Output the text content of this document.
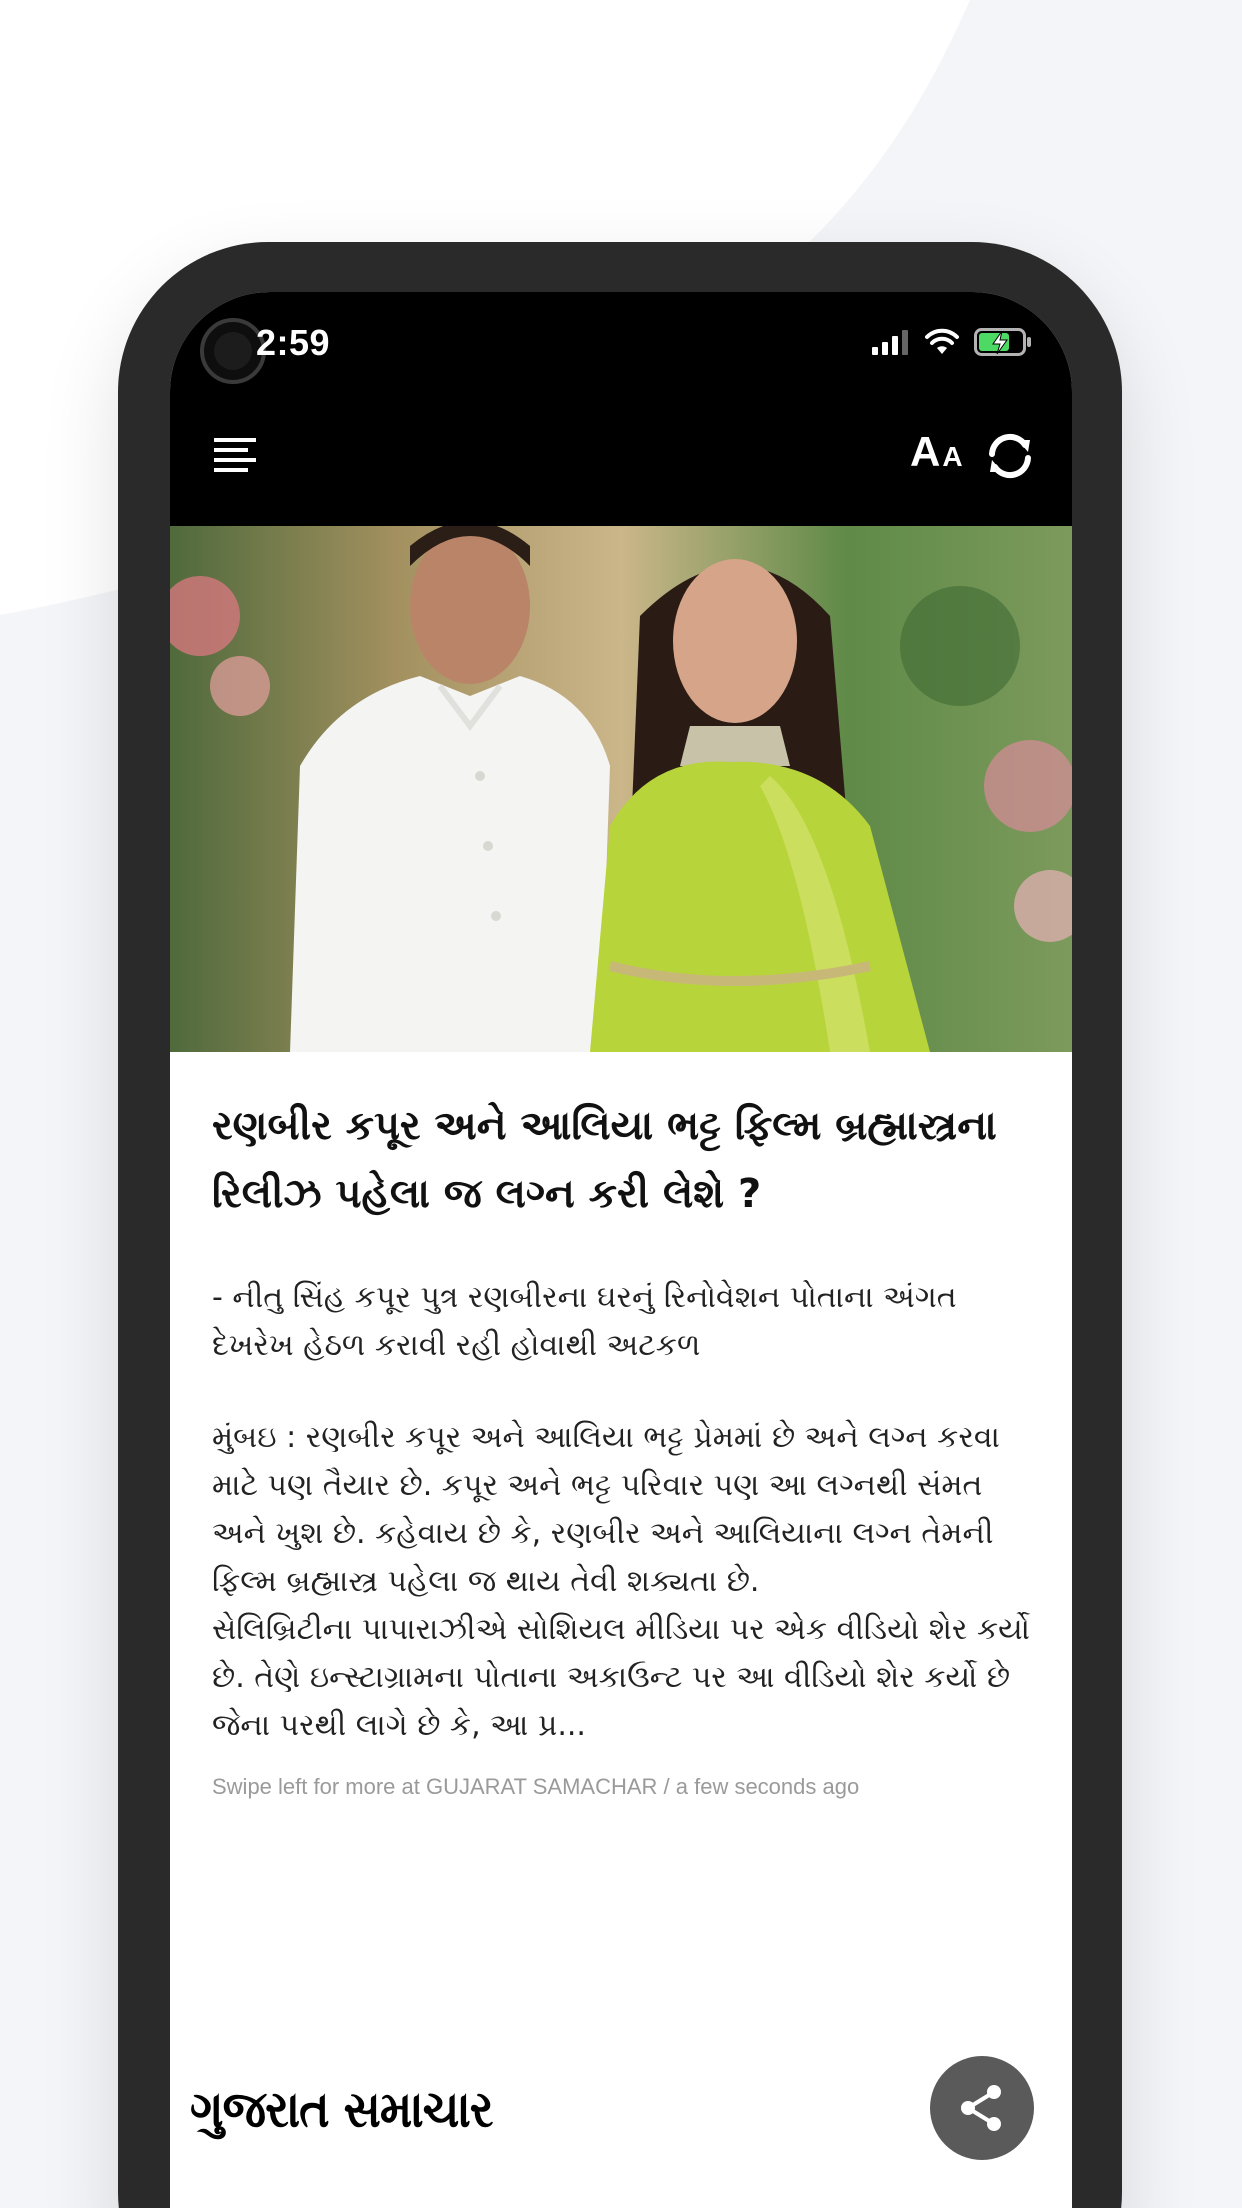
2:59
A A
રણબીર કપૂર અને આલિયા ભટ્ટ ફિલ્મ બ્રહ્માસ્ત્રના રિલીઝ પહેલા જ લગ્ન કરી લેશે ?

- નીતુ સિંહ કપૂર પુત્ર રણબીરના ઘરનું રિનોવેશન પોતાના અંગત દેખરેખ હેઠળ કરાવી રહી હોવાથી અટકળ

મુંબઇ : રણબીર કપૂર અને આલિયા ભટ્ટ પ્રેમમાં છે અને લગ્ન કરવા માટે પણ તૈયાર છે. કપૂર અને ભટ્ટ પરિવાર પણ આ લગ્નથી સંમત અને ખુશ છે. કહેવાય છે કે, રણબીર અને આલિયાના લગ્ન તેમની ફિલ્મ બ્રહ્માસ્ત્ર પહેલા જ થાય તેવી શક્યતા છે.
સેલિબ્રિટીના પાપારાઝીએ સોશિયલ મીડિયા પર એક વીડિયો શેર કર્યો છે. તેણે ઇન્સ્ટાગ્રામના પોતાના અકાઉન્ટ પર આ વીડિયો શેર કર્યો છે જેના પરથી લાગે છે કે, આ પ્ર...

Swipe left for more at GUJARAT SAMACHAR / a few seconds ago

ગુજરાત સમાચાર
